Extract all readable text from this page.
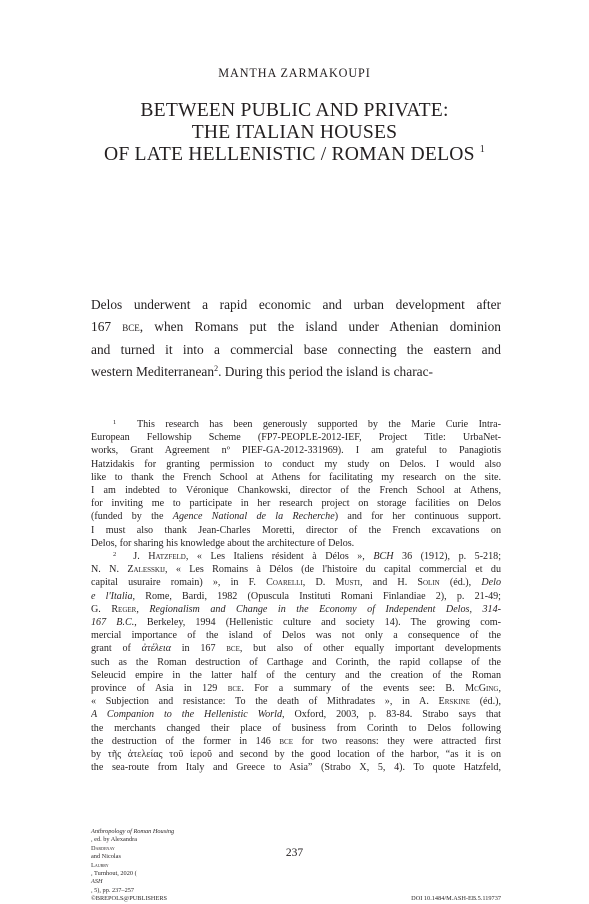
MANTHA ZARMAKOUPI
BETWEEN PUBLIC AND PRIVATE:
THE ITALIAN HOUSES
OF LATE HELLENISTIC / ROMAN DELOS $^1$
Delos underwent a rapid economic and urban development after
167 bce, when Romans put the island under Athenian dominion
and turned it into a commercial base connecting the eastern and
western Mediterranean$^2$. During this period the island is charac-
$^1$ This research has been generously supported by the Marie Curie Intra-
European Fellowship Scheme (FP7-PEOPLE-2012-IEF, Project Title: UrbaNet-
works, Grant Agreement nº PIEF-GA-2012-331969). I am grateful to Panagiotis
Hatzidakis for granting permission to conduct my study on Delos. I would also
like to thank the French School at Athens for facilitating my research on the site.
I am indebted to Véronique Chankowski, director of the French School at Athens,
for inviting me to participate in her research project on storage facilities on Delos
(funded by the Agence National de la Recherche) and for her continuous support.
I must also thank Jean-Charles Moretti, director of the French excavations on
Delos, for sharing his knowledge about the architecture of Delos.
$^2$ J. Hatzfeld, « Les Italiens résident à Délos », BCH 36 (1912), p. 5-218;
N. N. Zalesskij, « Les Romains à Délos (de l'histoire du capital commercial et du
capital usuraire romain) », in F. Coarelli, D. Musti, and H. Solin (éd.), Delo
e l'Italia, Rome, Bardi, 1982 (Opuscula Instituti Romani Finlandiae 2), p. 21-49;
G. Reger, Regionalism and Change in the Economy of Independent Delos, 314-
167 B.C., Berkeley, 1994 (Hellenistic culture and society 14). The growing com-
mercial importance of the island of Delos was not only a consequence of the
grant of ἀτέλεια in 167 bce, but also of other equally important developments
such as the Roman destruction of Carthage and Corinth, the rapid collapse of the
Seleucid empire in the latter half of the century and the creation of the Roman
province of Asia in 129 bce. For a summary of the events see: B. McGing,
« Subjection and resistance: To the death of Mithradates », in A. Erskine (éd.),
A Companion to the Hellenistic World, Oxford, 2003, p. 83-84. Strabo says that
the merchants changed their place of business from Corinth to Delos following
the destruction of the former in 146 bce for two reasons: they were attracted first
by τῆς ἀτελείας τοῦ ἱεροῦ and second by the good location of the harbor, “as it is on
the sea-route from Italy and Greece to Asia” (Strabo X, 5, 4). To quote Hatzfeld,
Anthropology of Roman Housing
, ed. by Alexandra
Dardenay
and Nicolas
Laubry
, Turnhout, 2020 (
ASH
, 5), pp. 237–257
©BREPOLS@PUBLISHERS	DOI 10.1484/M.ASH-EB.5.119737
237
